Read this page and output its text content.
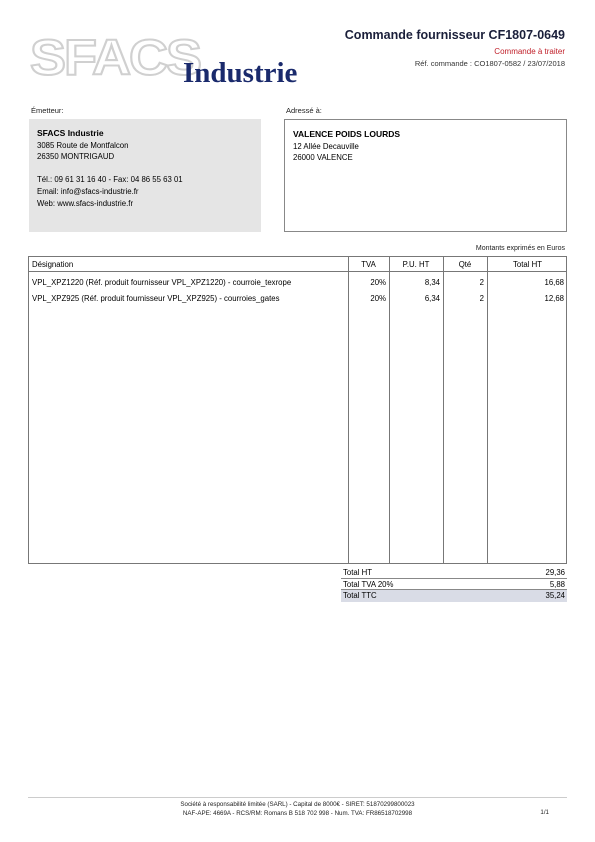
SFACS
Industrie
Commande fournisseur CF1807-0649
Commande à traiter
Réf. commande : CO1807-0582 / 23/07/2018
Émetteur:	Adressé à:
SFACS Industrie
3085 Route de Montfalcon
26350 MONTRIGAUD
Tél.: 09 61 31 16 40 - Fax: 04 86 55 63 01
Email: info@sfacs-industrie.fr
Web: www.sfacs-industrie.fr
VALENCE POIDS LOURDS
12 Allée Decauville
26000 VALENCE
Montants exprimés en Euros
Désignation	TVA	P.U. HT	Qté	Total HT
VPL_XPZ1220 (Réf. produit fournisseur VPL_XPZ1220) - courroie_texrope	20%	8,34	2	16,68
VPL_XPZ925 (Réf. produit fournisseur VPL_XPZ925) - courroies_gates	20%	6,34	2	12,68
Total HT	29,36
Total TVA 20%	5,88
Total TTC	35,24
Société à responsabilité limitée (SARL) - Capital de 8000€ - SIRET: 51870299800023
NAF-APE: 4669A - RCS/RM: Romans B 518 702 998 - Num. TVA: FR86518702998	1/1
